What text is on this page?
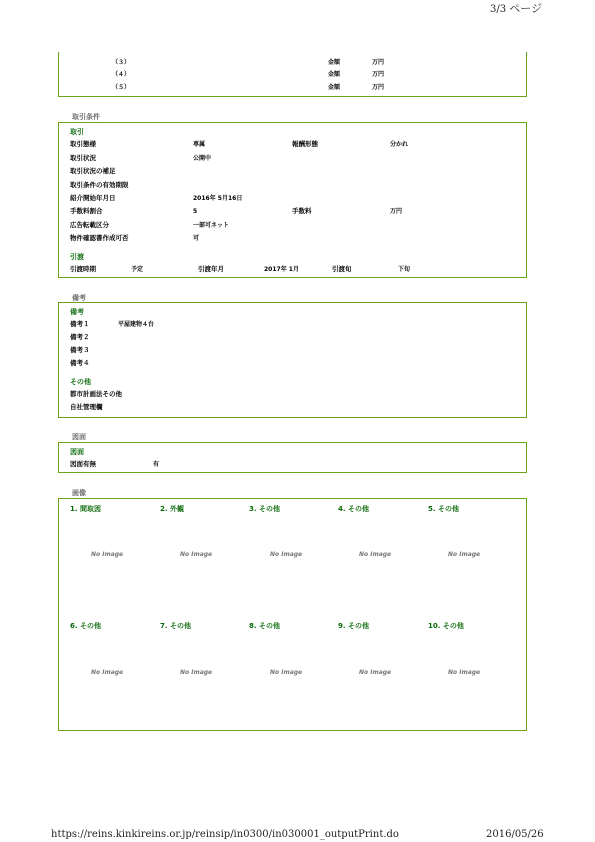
3/3 ページ
（３）	金額	万円
（４）	金額	万円
（５）	金額	万円
取引条件
取引
取引態様	専属	報酬形態	分かれ
取引状況	公開中
取引状況の補足
取引条件の有効期限
紹介開始年月日	2016年 5月16日
手数料割合	5	手数料	万円
広告転載区分	一部可ネット
物件確認書作成可否	可
引渡
引渡時期	予定	引渡年月	2017年 1月	引渡旬	下旬
備考
備考
備考１	平屋建物４台
備考２
備考３
備考４
その他
都市計画法その他
自社管理欄
図面
図面
図面有無	有
画像
1. 間取図	2. 外観	3. その他	4. その他	5. その他
No Image	No Image	No Image	No Image	No Image
6. その他	7. その他	8. その他	9. その他	10. その他
No Image	No Image	No Image	No Image	No Image
https://reins.kinkireins.or.jp/reinsip/in0300/in030001_outputPrint.do	2016/05/26
